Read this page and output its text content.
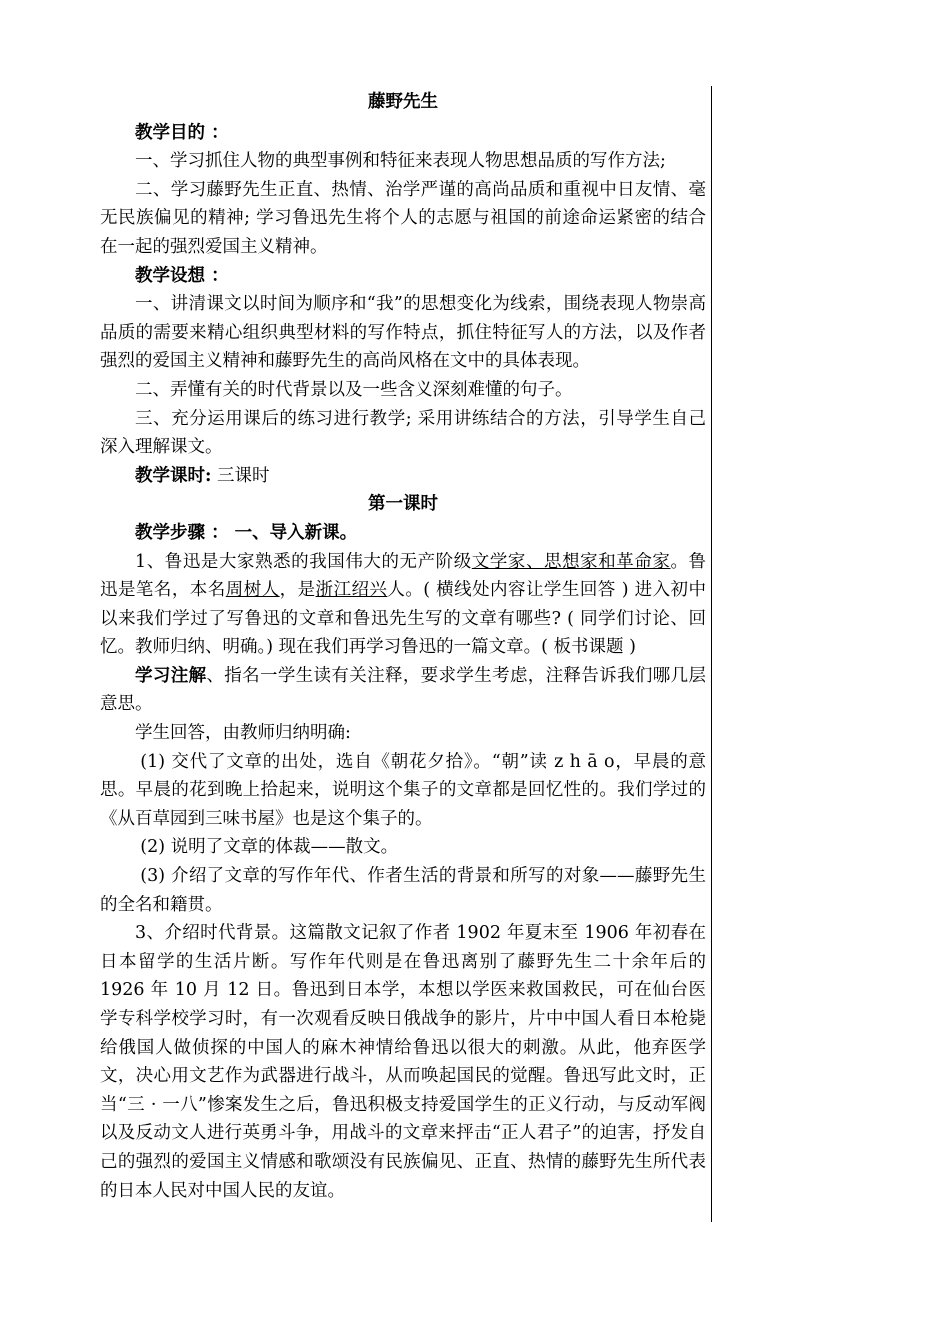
藤野先生

教学目的 ：

一、学习抓住人物的典型事例和特征来表现人物思想品质的写作方法;

二、学习藤野先生正直、热情、治学严谨的高尚品质和重视中日友情、毫无民族偏见的精神; 学习鲁迅先生将个人的志愿与祖国的前途命运紧密的结合在一起的强烈爱国主义精神。

教学设想 ：

一、讲清课文以时间为顺序和“我”的思想变化为线索，围绕表现人物崇高品质的需要来精心组织典型材料的写作特点，抓住特征写人的方法，以及作者强烈的爱国主义精神和藤野先生的高尚风格在文中的具体表现。

二、弄懂有关的时代背景以及一些含义深刻难懂的句子。

三、充分运用课后的练习进行教学; 采用讲练结合的方法，引导学生自己深入理解课文。

教学课时: 三课时

第一课时

教学步骤 ： 一、导入新课。

1、鲁迅是大家熟悉的我国伟大的无产阶级文学家、思想家和革命家。鲁迅是笔名，本名周树人，是浙江绍兴人。( 横线处内容让学生回答 ) 进入初中以来我们学过了写鲁迅的文章和鲁迅先生写的文章有哪些? ( 同学们讨论、回忆。教师归纳、明确。) 现在我们再学习鲁迅的一篇文章。( 板书课题 )

学习注解、指名一学生读有关注释，要求学生考虑，注释告诉我们哪几层意思。

学生回答，由教师归纳明确:

(1) 交代了文章的出处，选自《朝花夕拾》。“朝”读 z h ā o，早晨的意思。早晨的花到晚上拾起来，说明这个集子的文章都是回忆性的。我们学过的《从百草园到三味书屋》也是这个集子的。

(2) 说明了文章的体裁——散文。

(3) 介绍了文章的写作年代、作者生活的背景和所写的对象——藤野先生的全名和籍贯。

3、介绍时代背景。这篇散文记叙了作者 1902 年夏末至 1906 年初春在日本留学的生活片断。写作年代则是在鲁迅离别了藤野先生二十余年后的 1926 年 10 月 12 日。鲁迅到日本学，本想以学医来救国救民，可在仙台医学专科学校学习时，有一次观看反映日俄战争的影片，片中中国人看日本枪毙给俄国人做侦探的中国人的麻木神情给鲁迅以很大的刺激。从此，他弃医学文，决心用文艺作为武器进行战斗，从而唤起国民的觉醒。鲁迅写此文时，正当“三 · 一八”惨案发生之后，鲁迅积极支持爱国学生的正义行动，与反动军阀以及反动文人进行英勇斗争，用战斗的文章来抨击“正人君子”的迫害，抒发自己的强烈的爱国主义情感和歌颂没有民族偏见、正直、热情的藤野先生所代表的日本人民对中国人民的友谊。
